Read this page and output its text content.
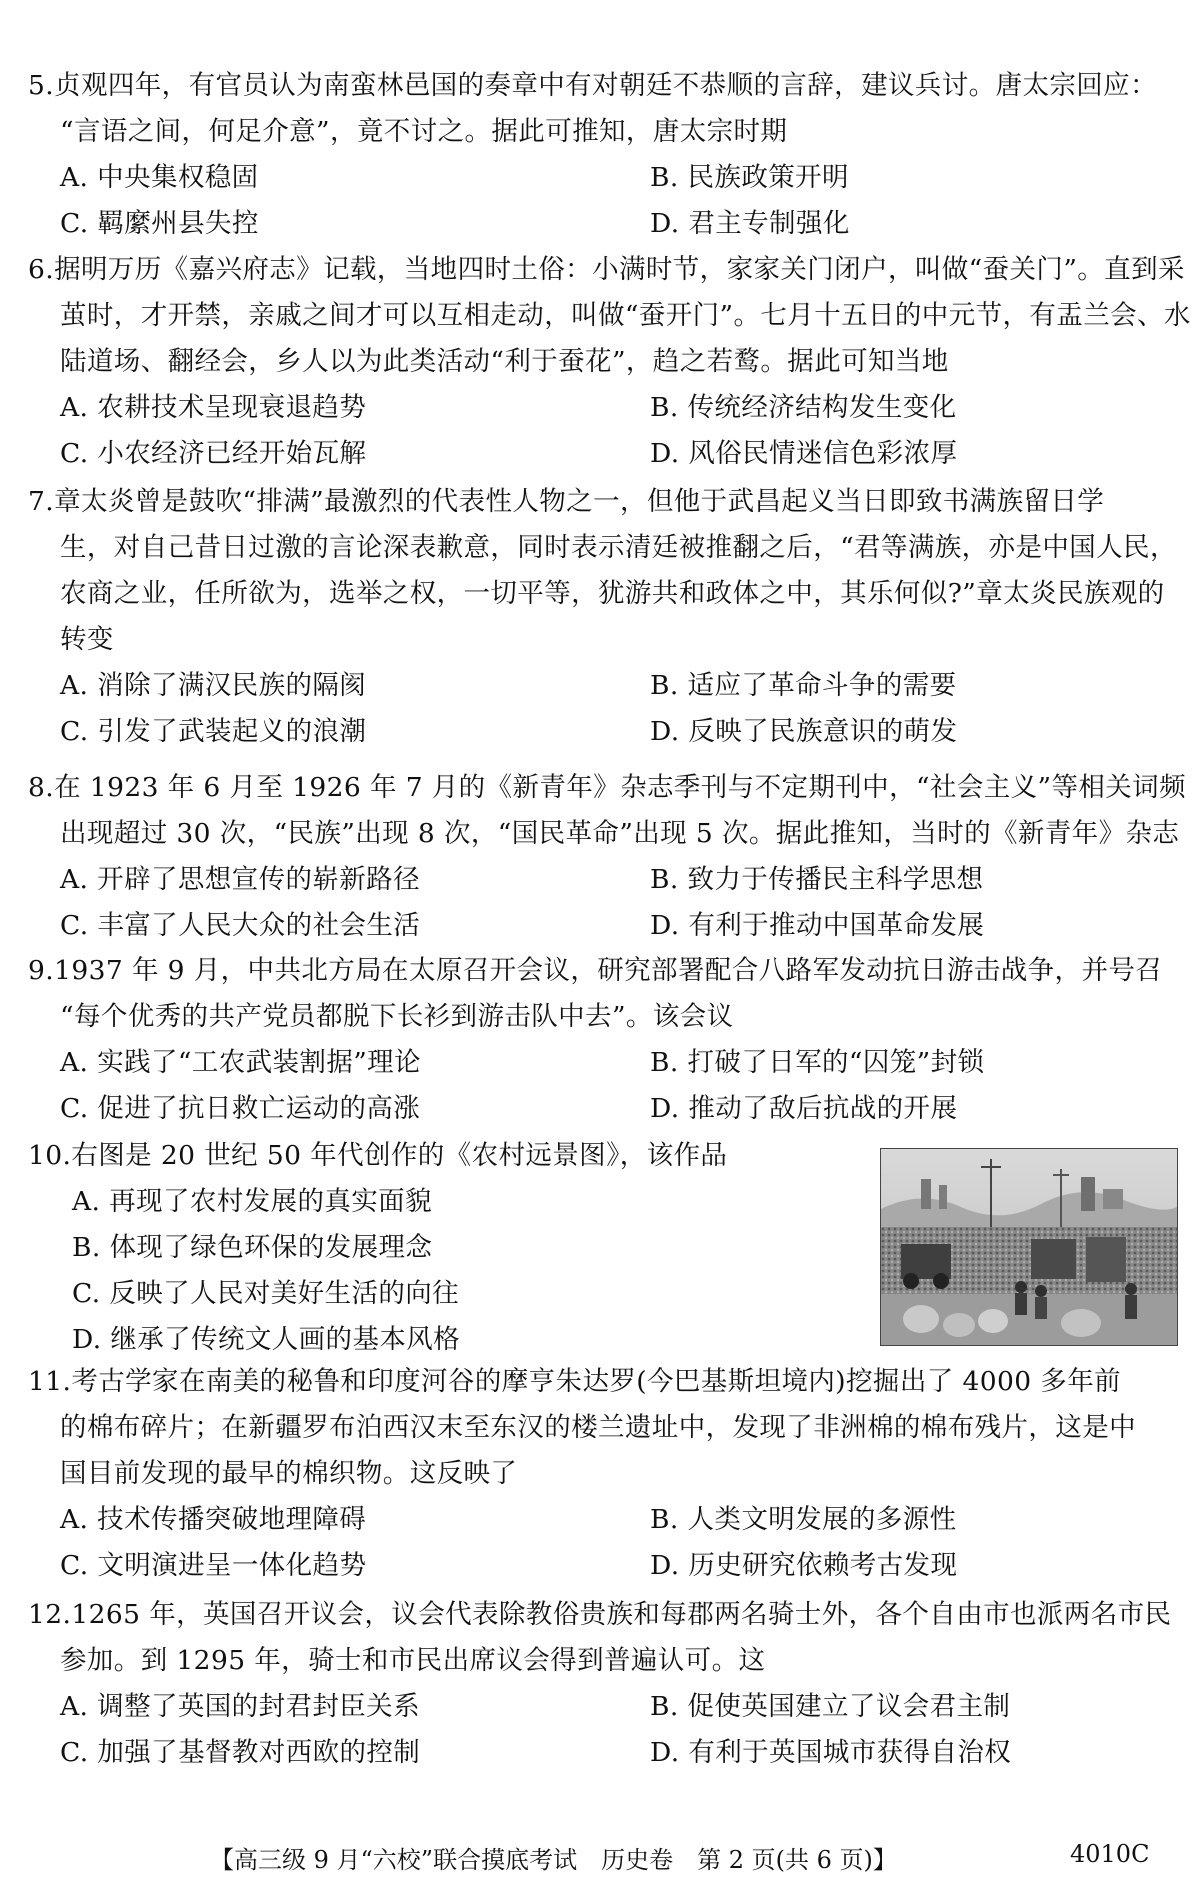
5.贞观四年，有官员认为南蛮林邑国的奏章中有对朝廷不恭顺的言辞，建议兵讨。唐太宗回应：
“言语之间，何足介意”，竟不讨之。据此可推知，唐太宗时期
A. 中央集权稳固	B. 民族政策开明
C. 羁縻州县失控	D. 君主专制强化
6.据明万历《嘉兴府志》记载，当地四时土俗：小满时节，家家关门闭户，叫做“蚕关门”。直到采
茧时，才开禁，亲戚之间才可以互相走动，叫做“蚕开门”。七月十五日的中元节，有盂兰会、水
陆道场、翻经会，乡人以为此类活动“利于蚕花”，趋之若鹜。据此可知当地
A. 农耕技术呈现衰退趋势	B. 传统经济结构发生变化
C. 小农经济已经开始瓦解	D. 风俗民情迷信色彩浓厚
7.章太炎曾是鼓吹“排满”最激烈的代表性人物之一，但他于武昌起义当日即致书满族留日学
生，对自己昔日过激的言论深表歉意，同时表示清廷被推翻之后，“君等满族，亦是中国人民，
农商之业，任所欲为，选举之权，一切平等，犹游共和政体之中，其乐何似?”章太炎民族观的
转变
A. 消除了满汉民族的隔阂	B. 适应了革命斗争的需要
C. 引发了武装起义的浪潮	D. 反映了民族意识的萌发
8.在 1923 年 6 月至 1926 年 7 月的《新青年》杂志季刊与不定期刊中，“社会主义”等相关词频
出现超过 30 次，“民族”出现 8 次，“国民革命”出现 5 次。据此推知，当时的《新青年》杂志
A. 开辟了思想宣传的崭新路径	B. 致力于传播民主科学思想
C. 丰富了人民大众的社会生活	D. 有利于推动中国革命发展
9.1937 年 9 月，中共北方局在太原召开会议，研究部署配合八路军发动抗日游击战争，并号召
“每个优秀的共产党员都脱下长衫到游击队中去”。该会议
A. 实践了“工农武装割据”理论	B. 打破了日军的“囚笼”封锁
C. 促进了抗日救亡运动的高涨	D. 推动了敌后抗战的开展
10.右图是 20 世纪 50 年代创作的《农村远景图》，该作品
A. 再现了农村发展的真实面貌
B. 体现了绿色环保的发展理念
C. 反映了人民对美好生活的向往
D. 继承了传统文人画的基本风格
11.考古学家在南美的秘鲁和印度河谷的摩亨朱达罗(今巴基斯坦境内)挖掘出了 4000 多年前
的棉布碎片；在新疆罗布泊西汉末至东汉的楼兰遗址中，发现了非洲棉的棉布残片，这是中
国目前发现的最早的棉织物。这反映了
A. 技术传播突破地理障碍	B. 人类文明发展的多源性
C. 文明演进呈一体化趋势	D. 历史研究依赖考古发现
12.1265 年，英国召开议会，议会代表除教俗贵族和每郡两名骑士外，各个自由市也派两名市民
参加。到 1295 年，骑士和市民出席议会得到普遍认可。这
A. 调整了英国的封君封臣关系	B. 促使英国建立了议会君主制
C. 加强了基督教对西欧的控制	D. 有利于英国城市获得自治权
【高三级 9 月“六校”联合摸底考试　历史卷　第 2 页(共 6 页)】	4010C
